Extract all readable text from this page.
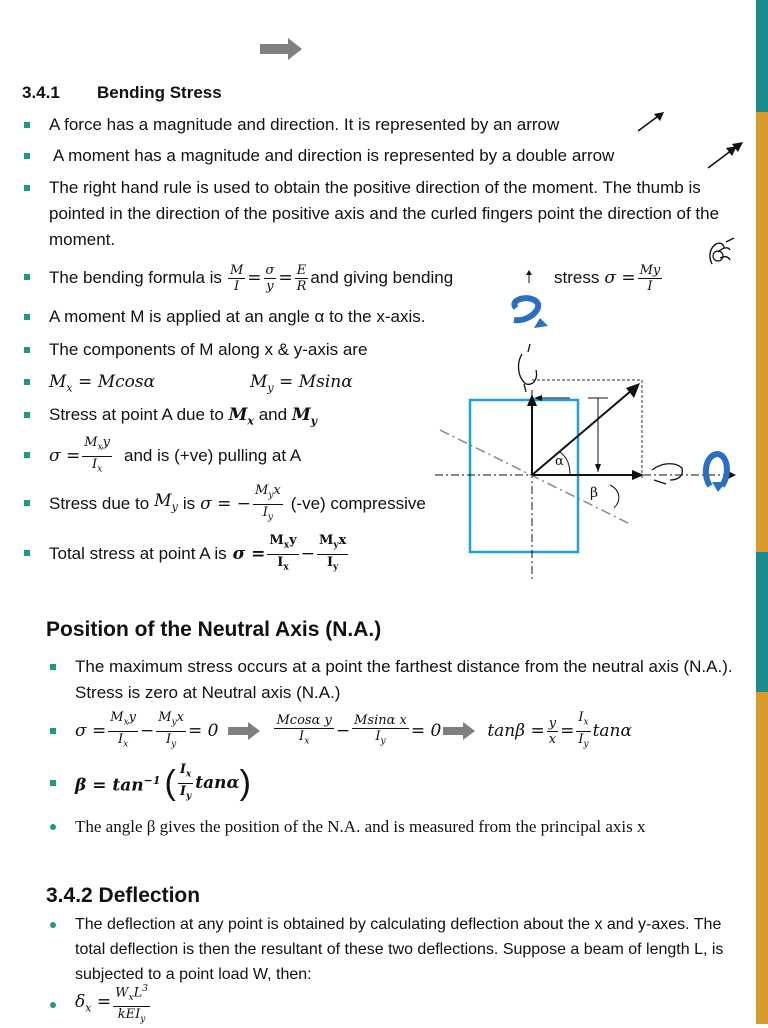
3.4.1 Bending Stress
A force has a magnitude and direction. It is represented by an arrow
A moment has a magnitude and direction is represented by a double arrow
The right hand rule is used to obtain the positive direction of the moment. The thumb is pointed in the direction of the positive axis and the curled fingers point the direction of the moment.
The bending formula is $\frac{M}{I} = \frac{\sigma}{y} = \frac{E}{R}$ and giving bending	stress $\sigma = \frac{My}{I}$
A moment M is applied at an angle α to the x-axis.
The components of M along x & y-axis are
$M_x = Mcos\alpha$	$M_y = Msin\alpha$
Stress at point A due to $M_x$ and $M_y$
$\sigma = \frac{M_xy}{I_x}$ and is (+ve) pulling at A
Stress due to $M_y$ is σ = − $\frac{M_yx}{I_y} (-ve)$ compressive
Total stress at point A is $\sigma = \frac{M_xy}{I_x} - \frac{M_yx}{I_y}$
α
β
Position of the Neutral Axis (N.A.)
The maximum stress occurs at a point the farthest distance from the neutral axis (N.A.). Stress is zero at Neutral axis (N.A.)
$\sigma = \frac{M_xy}{I_x} - \frac{M_yx}{I_y} = 0$	$\frac{\text{Mcosα y}}{I_x} - \frac{\text{Msinα x}}{I_y} = 0$	$\tan\beta = \frac{y}{x} = \frac{I_x}{I_y}$ tanα
$\beta = \tan^{-1}$ ( $\frac{I_x}{I_y}$ tanα )
The angle β gives the position of the N.A. and is measured from the principal axis x
3.4.2 Deflection
The deflection at any point is obtained by calculating deflection about the x and y-axes. The total deflection is then the resultant of these two deflections. Suppose a beam of length L, is subjected to a point load W, then:
$\delta_x = \frac{W_xL^3}{kEI_y}$
